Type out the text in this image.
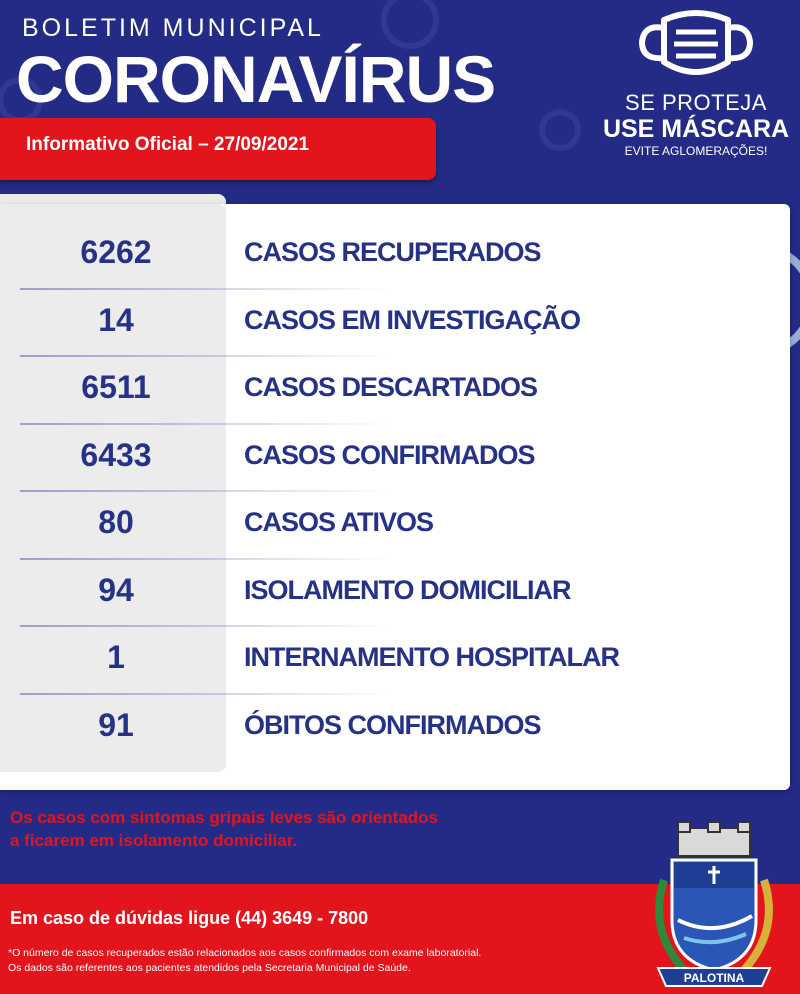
BOLETIM MUNICIPAL
CORONAVÍRUS
Informativo Oficial – 27/09/2021
SE PROTEJA
USE MÁSCARA
EVITE AGLOMERAÇÕES!
6262	CASOS RECUPERADOS
14	CASOS EM INVESTIGAÇÃO
6511	CASOS DESCARTADOS
6433	CASOS CONFIRMADOS
80	CASOS ATIVOS
94	ISOLAMENTO DOMICILIAR
1	INTERNAMENTO HOSPITALAR
91	ÓBITOS CONFIRMADOS
Os casos com sintomas gripais leves são orientados
a ficarem em isolamento domiciliar.
Em caso de dúvidas ligue (44) 3649 - 7800
*O número de casos recuperados estão relacionados aos casos confirmados com exame laboratorial.
Os dados são referentes aos pacientes atendidos pela Secretaria Municipal de Saúde.
PALOTINA
